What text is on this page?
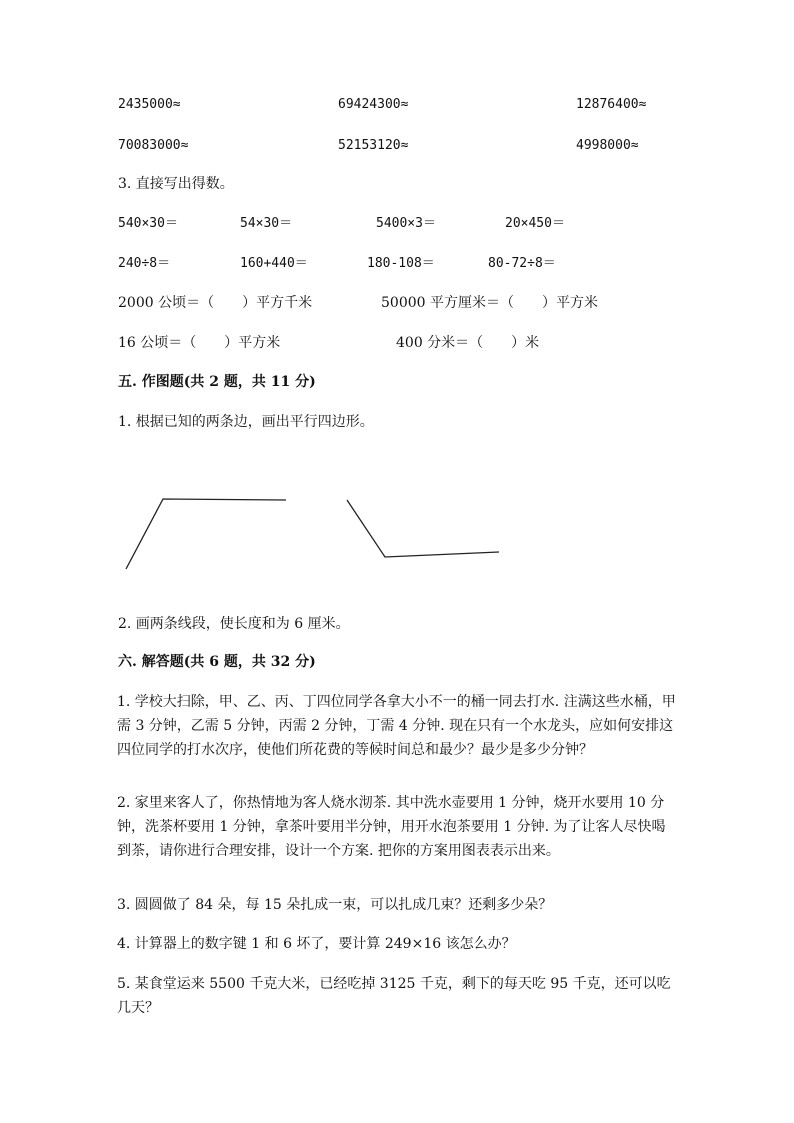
2435000≈	69424300≈	12876400≈
70083000≈	52153120≈	4998000≈
3. 直接写出得数。
540×30＝	54×30＝	5400×3＝	20×450＝
240÷8＝	160+440＝	180-108＝	80-72÷8＝
2000 公顷＝（　　）平方千米	50000 平方厘米＝（　　）平方米
16 公顷＝（　　）平方米	400 分米＝（　　）米
五. 作图题(共 2 题，共 11 分)
1. 根据已知的两条边，画出平行四边形。
2. 画两条线段，使长度和为 6 厘米。
六. 解答题(共 6 题，共 32 分)
1. 学校大扫除，甲、乙、丙、丁四位同学各拿大小不一的桶一同去打水. 注满这些水桶，甲需 3 分钟，乙需 5 分钟，丙需 2 分钟，丁需 4 分钟. 现在只有一个水龙头，应如何安排这四位同学的打水次序，使他们所花费的等候时间总和最少？最少是多少分钟？
2. 家里来客人了，你热情地为客人烧水沏茶. 其中洗水壶要用 1 分钟，烧开水要用 10 分钟，洗茶杯要用 1 分钟，拿茶叶要用半分钟，用开水泡茶要用 1 分钟. 为了让客人尽快喝到茶，请你进行合理安排，设计一个方案. 把你的方案用图表表示出来。
3. 圆圆做了 84 朵，每 15 朵扎成一束，可以扎成几束？还剩多少朵？
4. 计算器上的数字键 1 和 6 坏了，要计算 249×16 该怎么办？
5. 某食堂运来 5500 千克大米，已经吃掉 3125 千克，剩下的每天吃 95 千克，还可以吃几天？
